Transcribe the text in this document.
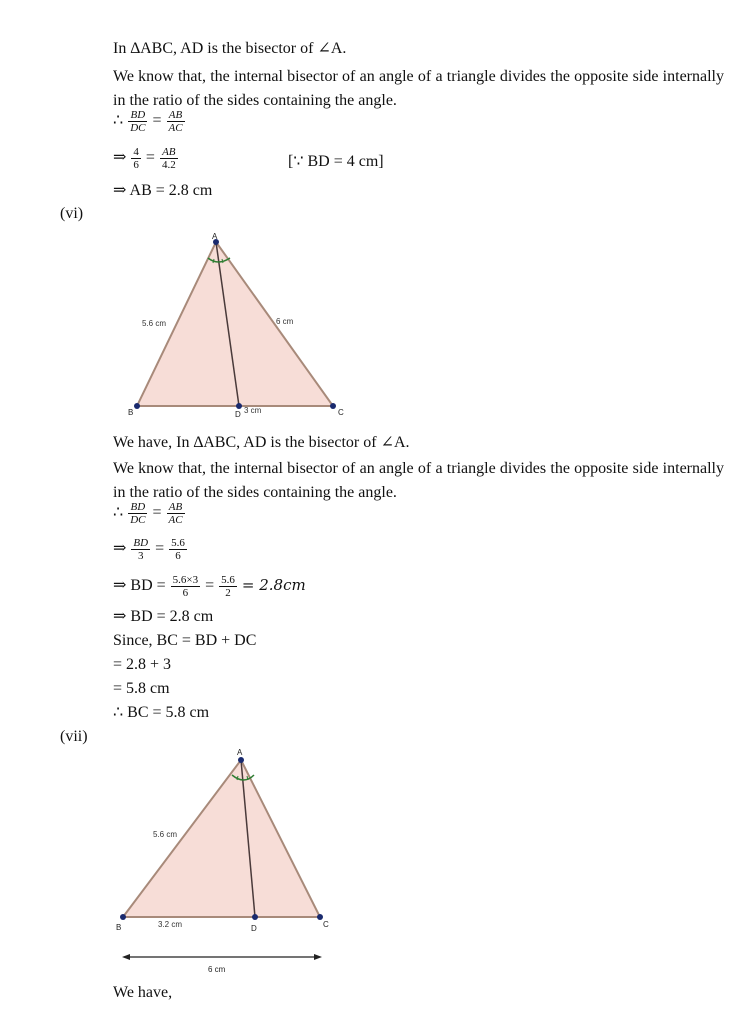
In ∆ABC, AD is the bisector of ∠A.
We know that, the internal bisector of an angle of a triangle divides the opposite side internally in the ratio of the sides containing the angle.
∴ $\frac{BD}{DC} = \frac{AB}{AC}$
⇒ $\frac{4}{6} = \frac{AB}{4.2}$	[∵ BD = 4 cm]
⇒ AB = 2.8 cm
(vi)
A
B	C
D
5.6 cm	6 cm
3 cm
We have, In ∆ABC, AD is the bisector of ∠A.
We know that, the internal bisector of an angle of a triangle divides the opposite side internally in the ratio of the sides containing the angle.
∴ $\frac{BD}{DC} = \frac{AB}{AC}$
⇒ $\frac{BD}{3} = \frac{5.6}{6}$
⇒ BD = $\frac{5.6\times 3}{6} = \frac{5.6}{2} = 2.8cm$
⇒ BD = 2.8 cm
Since, BC = BD + DC
= 2.8 + 3
= 5.8 cm
∴ BC = 5.8 cm
(vii)
A
B	C
D
5.6 cm
3.2 cm
6 cm
We have,
